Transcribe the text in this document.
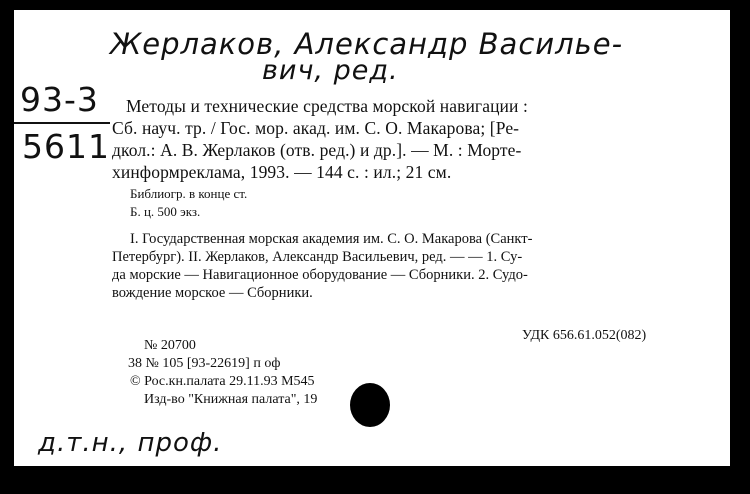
Жерлаков, Александр Василье-
вич, ред.
93-3
5611
Методы и технические средства морской навигации :
Сб. науч. тр. / Гос. мор. акад. им. С. О. Макарова; [Ре-
дкол.: А. В. Жерлаков (отв. ред.) и др.]. — М. : Морте-
хинформреклама, 1993. — 144 с. : ил.; 21 см.
Библиогр. в конце ст.
Б. ц. 500 экз.
I. Государственная морская академия им. С. О. Макарова (Санкт-
Петербург). II. Жерлаков, Александр Васильевич, ред. — — 1. Су-
да морские — Навигационное оборудование — Сборники. 2. Судо-
вождение морское — Сборники.
№ 20700
УДК 656.61.052(082)
38 № 105 [93-22619] п оф
© Рос.кн.палата 29.11.93 М545
Изд-во "Книжная палата", 19
д.т.н., проф.
